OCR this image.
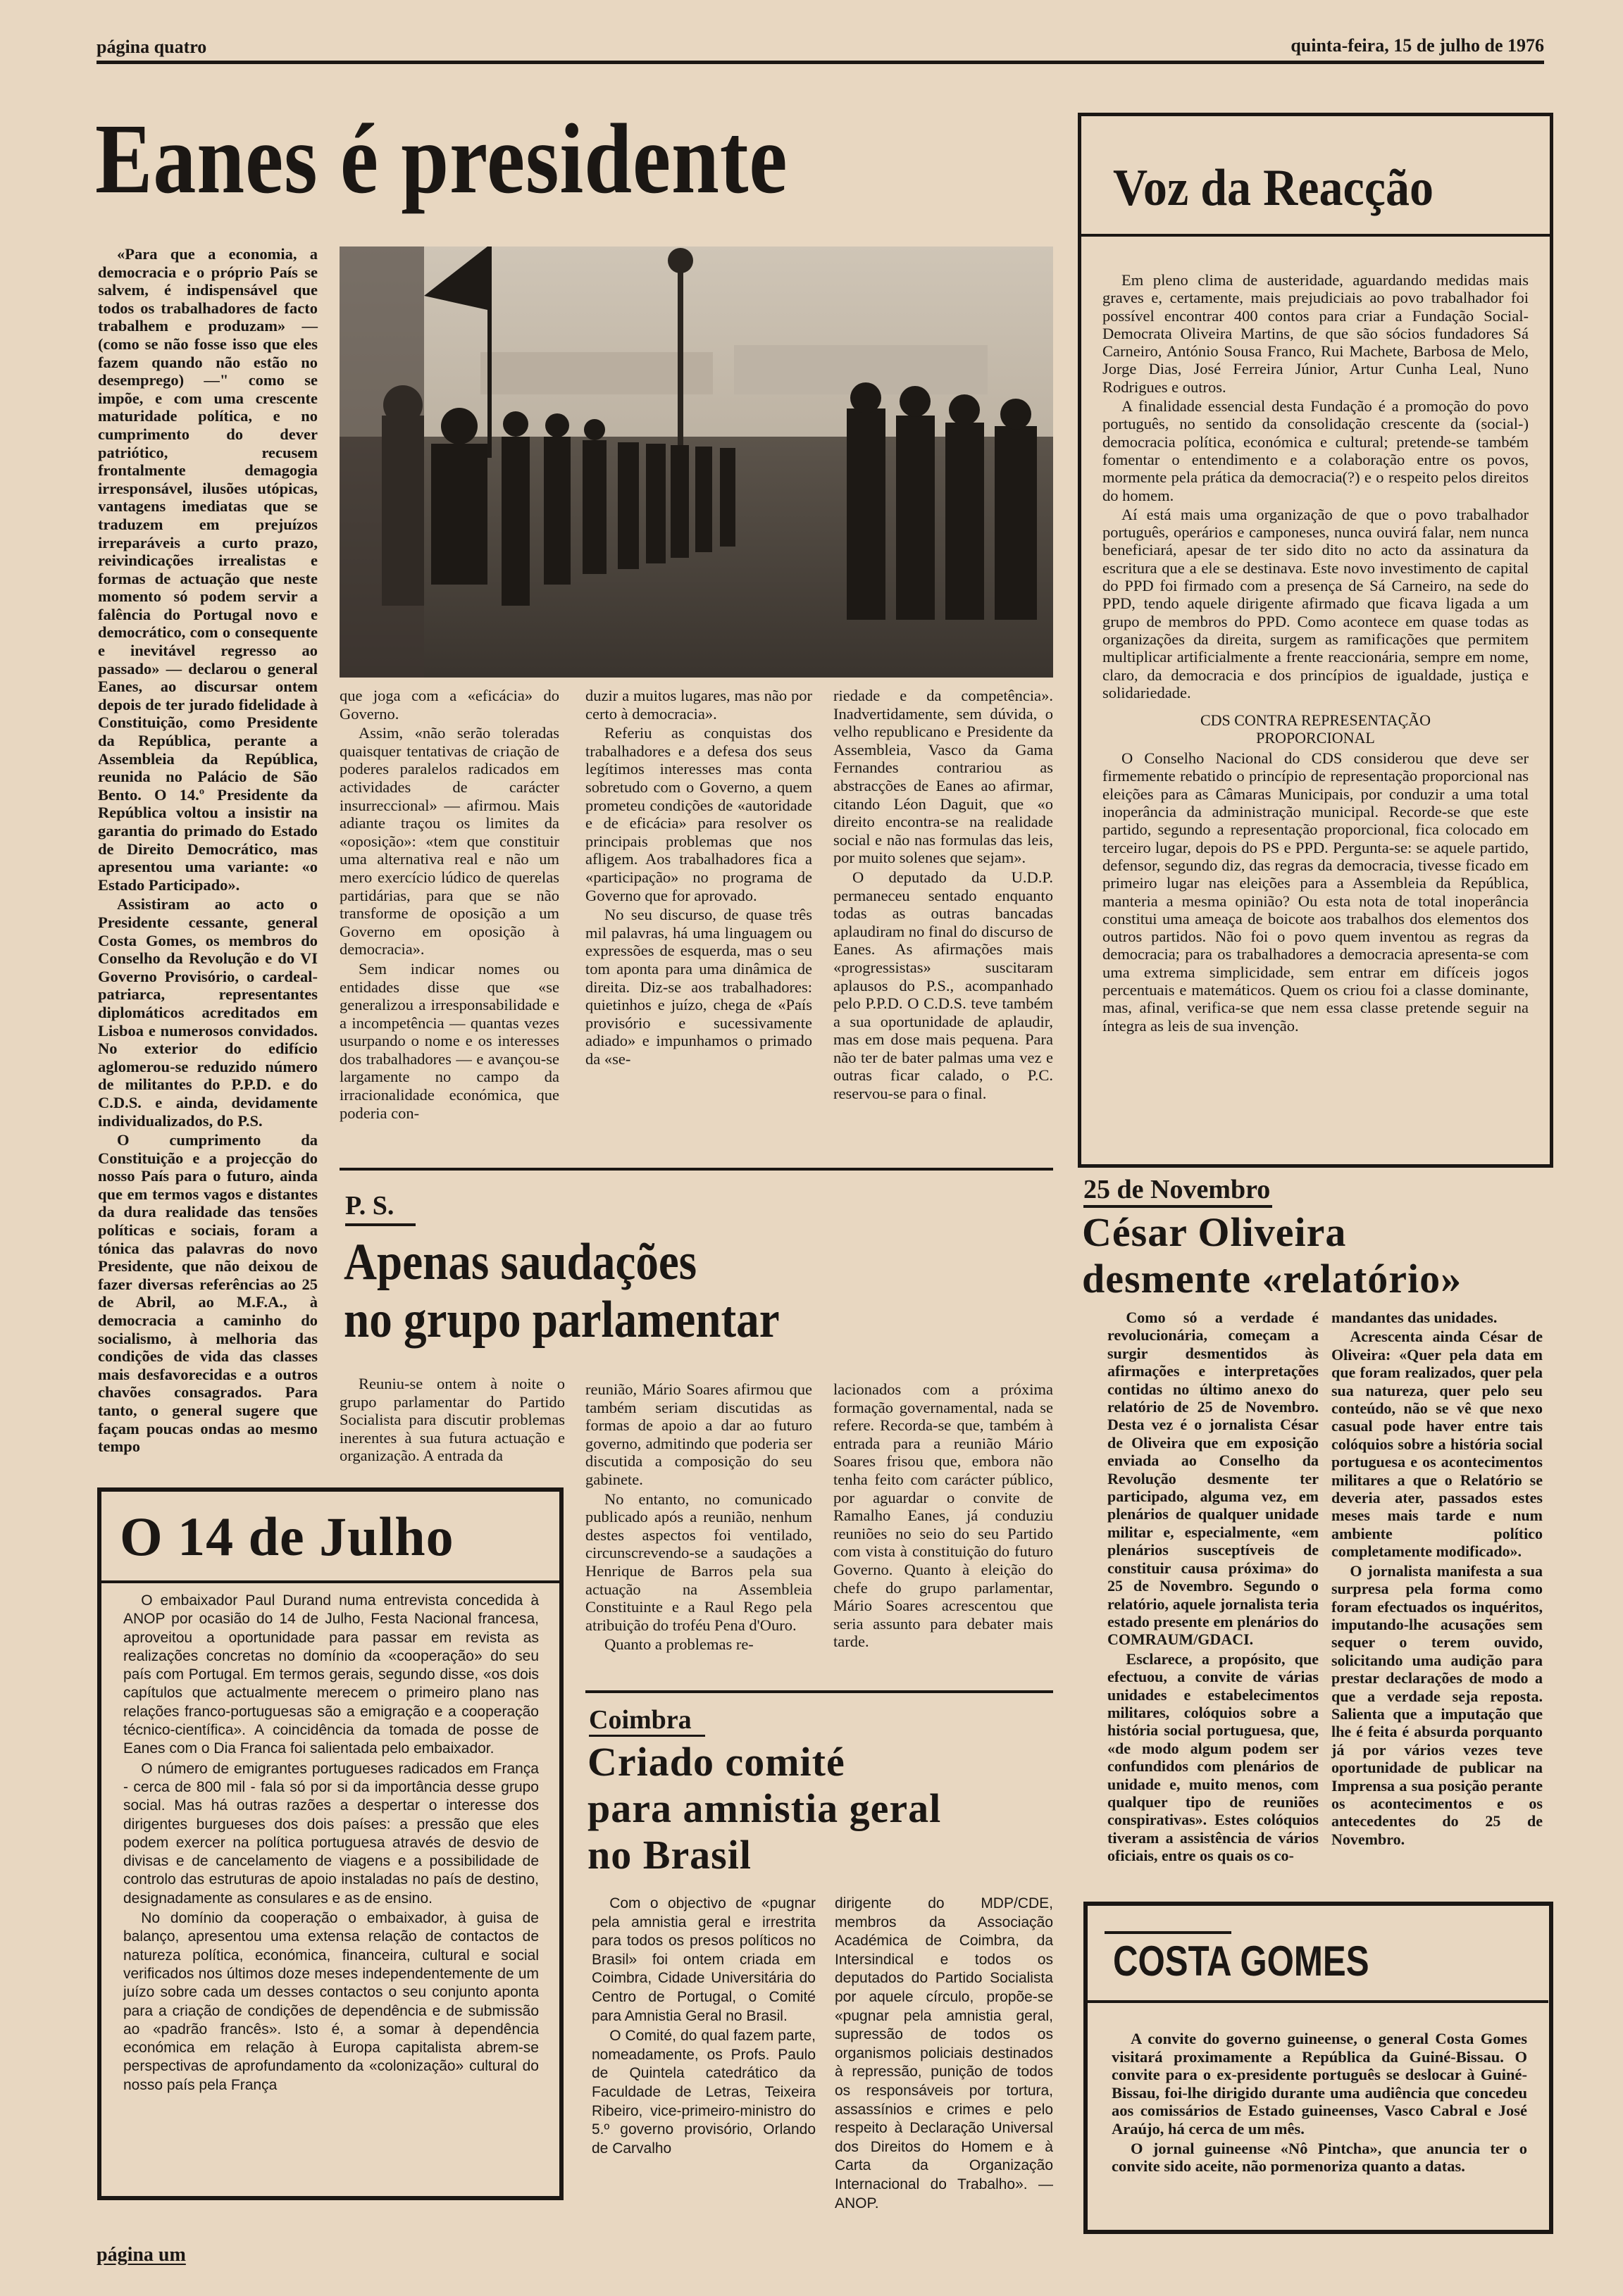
página quatro	quinta-feira, 15 de julho de 1976
Eanes é presidente

«Para que a economia, a democracia e o próprio País se salvem, é indispensável que todos os trabalhadores de facto trabalhem e produzam» — (como se não fosse isso que eles fazem quando não estão no desemprego) —" como se impõe, e com uma crescente maturidade política, e no cumprimento do dever patriótico, recusem frontalmente demagogia irresponsável, ilusões utópicas, vantagens imediatas que se traduzem em prejuízos irreparáveis a curto prazo, reivindicações irrealistas e formas de actuação que neste momento só podem servir a falência do Portugal novo e democrático, com o consequente e inevitável regresso ao passado» — declarou o general Eanes, ao discursar ontem depois de ter jurado fidelidade à Constituição, como Presidente da República, perante a Assembleia da República, reunida no Palácio de São Bento. O 14.º Presidente da República voltou a insistir na garantia do primado do Estado de Direito Democrático, mas apresentou uma variante: «o Estado Participado».

Assistiram ao acto o Presidente cessante, general Costa Gomes, os membros do Conselho da Revolução e do VI Governo Provisório, o cardeal-patriarca, representantes diplomáticos acreditados em Lisboa e numerosos convidados. No exterior do edifício aglomerou-se reduzido número de militantes do P.P.D. e do C.D.S. e ainda, devidamente individualizados, do P.S.

O cumprimento da Constituição e a projecção do nosso País para o futuro, ainda que em termos vagos e distantes da dura realidade das tensões políticas e sociais, foram a tónica das palavras do novo Presidente, que não deixou de fazer diversas referências ao 25 de Abril, ao M.F.A., à democracia a caminho do socialismo, à melhoria das condições de vida das classes mais desfavorecidas e a outros chavões consagrados. Para tanto, o general sugere que façam poucas ondas ao mesmo tempo

que joga com a «eficácia» do Governo.

Assim, «não serão toleradas quaisquer tentativas de criação de poderes paralelos radicados em actividades de carácter insurreccional» — afirmou. Mais adiante traçou os limites da «oposição»: «tem que constituir uma alternativa real e não um mero exercício lúdico de querelas partidárias, para que se não transforme de oposição a um Governo em oposição à democracia».

Sem indicar nomes ou entidades disse que «se generalizou a irresponsabilidade e a incompetência — quantas vezes usurpando o nome e os interesses dos trabalhadores — e avançou-se largamente no campo da irracionalidade económica, que poderia con-

duzir a muitos lugares, mas não por certo à democracia».

Referiu as conquistas dos trabalhadores e a defesa dos seus legítimos interesses mas conta sobretudo com o Governo, a quem prometeu condições de «autoridade e de eficácia» para resolver os principais problemas que nos afligem. Aos trabalhadores fica a «participação» no programa de Governo que for aprovado.

No seu discurso, de quase três mil palavras, há uma linguagem ou expressões de esquerda, mas o seu tom aponta para uma dinâmica de direita. Diz-se aos trabalhadores: quietinhos e juízo, chega de «País provisório e sucessivamente adiado» e impunhamos o primado da «se-

riedade e da competência». Inadvertidamente, sem dúvida, o velho republicano e Presidente da Assembleia, Vasco da Gama Fernandes contrariou as abstracções de Eanes ao afirmar, citando Léon Daguit, que «o direito encontra-se na realidade social e não nas formulas das leis, por muito solenes que sejam».

O deputado da U.D.P. permaneceu sentado enquanto todas as outras bancadas aplaudiram no final do discurso de Eanes. As afirmações mais «progressistas» suscitaram aplausos do P.S., acompanhado pelo P.P.D. O C.D.S. teve também a sua oportunidade de aplaudir, mas em dose mais pequena. Para não ter de bater palmas uma vez e outras ficar calado, o P.C. reservou-se para o final.

P. S.
Apenas saudações
no grupo parlamentar

Reuniu-se ontem à noite o grupo parlamentar do Partido Socialista para discutir problemas inerentes à sua futura actuação e organização. A entrada da

reunião, Mário Soares afirmou que também seriam discutidas as formas de apoio a dar ao futuro governo, admitindo que poderia ser discutida a composição do seu gabinete.

No entanto, no comunicado publicado após a reunião, nenhum destes aspectos foi ventilado, circunscrevendo-se a saudações a Henrique de Barros pela sua actuação na Assembleia Constituinte e a Raul Rego pela atribuição do troféu Pena d'Ouro.

Quanto a problemas re-

lacionados com a próxima formação governamental, nada se refere. Recorda-se que, também à entrada para a reunião Mário Soares frisou que, embora não tenha feito com carácter público, por aguardar o convite de Ramalho Eanes, já conduziu reuniões no seio do seu Partido com vista à constituição do futuro Governo. Quanto à eleição do chefe do grupo parlamentar, Mário Soares acrescentou que seria assunto para debater mais tarde.

O 14 de Julho

O embaixador Paul Durand numa entrevista concedida à ANOP por ocasião do 14 de Julho, Festa Nacional francesa, aproveitou a oportunidade para passar em revista as realizações concretas no domínio da «cooperação» do seu país com Portugal. Em termos gerais, segundo disse, «os dois capítulos que actualmente merecem o primeiro plano nas relações franco-portuguesas são a emigração e a cooperação técnico-científica». A coincidência da tomada de posse de Eanes com o Dia Franca foi salientada pelo embaixador.

O número de emigrantes portugueses radicados em França - cerca de 800 mil - fala só por si da importância desse grupo social. Mas há outras razões a despertar o interesse dos dirigentes burgueses dos dois países: a pressão que eles podem exercer na política portuguesa através de desvio de divisas e de cancelamento de viagens e a possibilidade de controlo das estruturas de apoio instaladas no país de destino, designadamente as consulares e as de ensino.

No domínio da cooperação o embaixador, à guisa de balanço, apresentou uma extensa relação de contactos de natureza política, económica, financeira, cultural e social verificados nos últimos doze meses independentemente de um juízo sobre cada um desses contactos o seu conjunto aponta para a criação de condições de dependência e de submissão ao «padrão francês». Isto é, a somar à dependência económica em relação à Europa capitalista abrem-se perspectivas de aprofundamento da «colonização» cultural do nosso país pela França

Coimbra
Criado comité
para amnistia geral
no Brasil

Com o objectivo de «pugnar pela amnistia geral e irrestrita para todos os presos políticos no Brasil» foi ontem criada em Coimbra, Cidade Universitária do Centro de Portugal, o Comité para Amnistia Geral no Brasil.

O Comité, do qual fazem parte, nomeadamente, os Profs. Paulo de Quintela catedrático da Faculdade de Letras, Teixeira Ribeiro, vice-primeiro-ministro do 5.º governo provisório, Orlando de Carvalho

dirigente do MDP/CDE, membros da Associação Académica de Coimbra, da Intersindical e todos os deputados do Partido Socialista por aquele círculo, propõe-se «pugnar pela amnistia geral, supressão de todos os organismos policiais destinados à repressão, punição de todos os responsáveis por tortura, assassínios e crimes e pelo respeito à Declaração Universal dos Direitos do Homem e à Carta da Organização Internacional do Trabalho». — ANOP.

Voz da Reacção

Em pleno clima de austeridade, aguardando medidas mais graves e, certamente, mais prejudiciais ao povo trabalhador foi possível encontrar 400 contos para criar a Fundação Social-Democrata Oliveira Martins, de que são sócios fundadores Sá Carneiro, António Sousa Franco, Rui Machete, Barbosa de Melo, Jorge Dias, José Ferreira Júnior, Artur Cunha Leal, Nuno Rodrigues e outros.

A finalidade essencial desta Fundação é a promoção do povo português, no sentido da consolidação crescente da (social-) democracia política, económica e cultural; pretende-se também fomentar o entendimento e a colaboração entre os povos, mormente pela prática da democracia(?) e o respeito pelos direitos do homem.

Aí está mais uma organização de que o povo trabalhador português, operários e camponeses, nunca ouvirá falar, nem nunca beneficiará, apesar de ter sido dito no acto da assinatura da escritura que a ele se destinava. Este novo investimento de capital do PPD foi firmado com a presença de Sá Carneiro, na sede do PPD, tendo aquele dirigente afirmado que ficava ligada a um grupo de membros do PPD. Como acontece em quase todas as organizações da direita, surgem as ramificações que permitem multiplicar artificialmente a frente reaccionária, sempre em nome, claro, da democracia e dos princípios de igualdade, justiça e solidariedade.

CDS CONTRA REPRESENTAÇÃO
PROPORCIONAL

O Conselho Nacional do CDS considerou que deve ser firmemente rebatido o princípio de representação proporcional nas eleições para as Câmaras Municipais, por conduzir a uma total inoperância da administração municipal. Recorde-se que este partido, segundo a representação proporcional, fica colocado em terceiro lugar, depois do PS e PPD. Pergunta-se: se aquele partido, defensor, segundo diz, das regras da democracia, tivesse ficado em primeiro lugar nas eleições para a Assembleia da República, manteria a mesma opinião? Ou esta nota de total inoperância constitui uma ameaça de boicote aos trabalhos dos elementos dos outros partidos. Não foi o povo quem inventou as regras da democracia; para os trabalhadores a democracia apresenta-se com uma extrema simplicidade, sem entrar em difíceis jogos percentuais e matemáticos. Quem os criou foi a classe dominante, mas, afinal, verifica-se que nem essa classe pretende seguir na íntegra as leis de sua invenção.

25 de Novembro
César Oliveira
desmente «relatório»

Como só a verdade é revolucionária, começam a surgir desmentidos às afirmações e interpretações contidas no último anexo do relatório de 25 de Novembro. Desta vez é o jornalista César de Oliveira que em exposição enviada ao Conselho da Revolução desmente ter participado, alguma vez, em plenários de qualquer unidade militar e, especialmente, «em plenários susceptíveis de constituir causa próxima» do 25 de Novembro. Segundo o relatório, aquele jornalista teria estado presente em plenários do COMRAUM/GDACI.

Esclarece, a propósito, que efectuou, a convite de várias unidades e estabelecimentos militares, colóquios sobre a história social portuguesa, que, «de modo algum podem ser confundidos com plenários de unidade e, muito menos, com qualquer tipo de reuniões conspirativas». Estes colóquios tiveram a assistência de vários oficiais, entre os quais os co-

mandantes das unidades.

Acrescenta ainda César de Oliveira: «Quer pela data em que foram realizados, quer pela sua natureza, quer pelo seu conteúdo, não se vê que nexo casual pode haver entre tais colóquios sobre a história social portuguesa e os acontecimentos militares a que o Relatório se deveria ater, passados estes meses mais tarde e num ambiente político completamente modificado».

O jornalista manifesta a sua surpresa pela forma como foram efectuados os inquéritos, imputando-lhe acusações sem sequer o terem ouvido, solicitando uma audição para prestar declarações de modo a que a verdade seja reposta. Salienta que a imputação que lhe é feita é absurda porquanto já por vários vezes teve oportunidade de publicar na Imprensa a sua posição perante os acontecimentos e os antecedentes do 25 de Novembro.

COSTA GOMES

A convite do governo guineense, o general Costa Gomes visitará proximamente a República da Guiné-Bissau. O convite para o ex-presidente português se deslocar à Guiné-Bissau, foi-lhe dirigido durante uma audiência que concedeu aos comissários de Estado guineenses, Vasco Cabral e José Araújo, há cerca de um mês.

O jornal guineense «Nô Pintcha», que anuncia ter o convite sido aceite, não pormenoriza quanto a datas.

página um
